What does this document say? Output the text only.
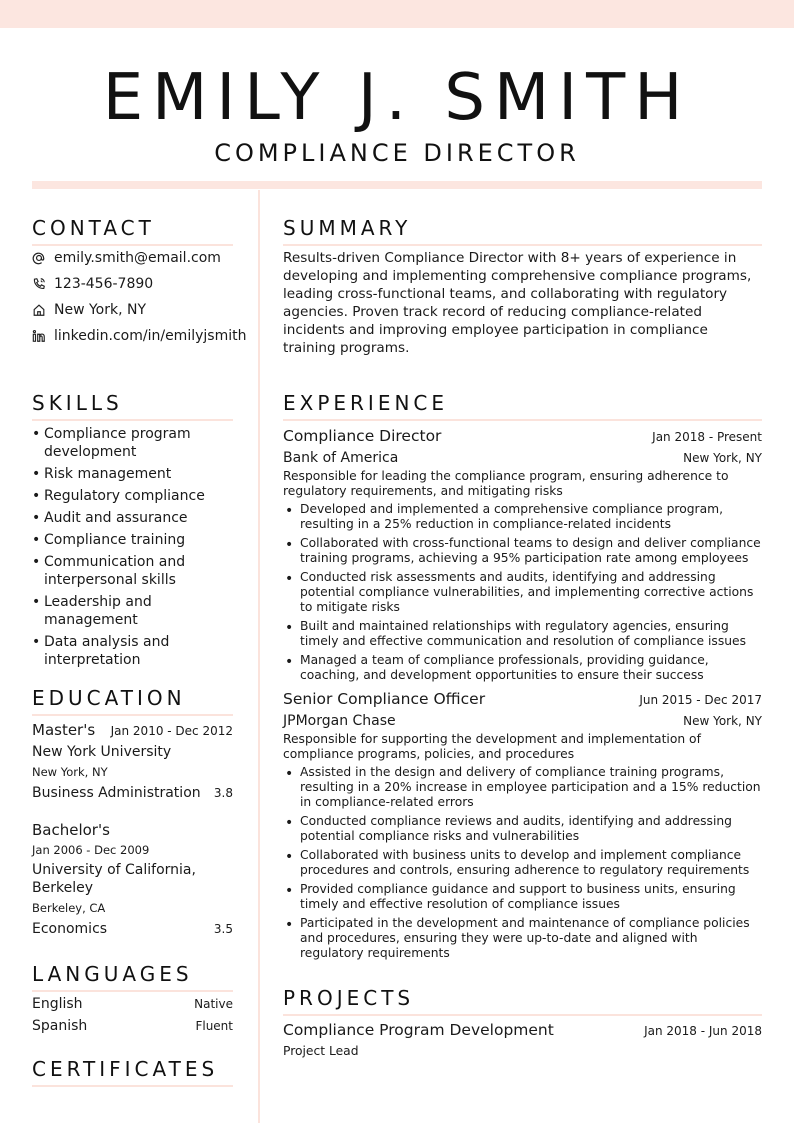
EMILY J. SMITH
COMPLIANCE DIRECTOR
CONTACT
emily.smith@email.com
123-456-7890
New York, NY
linkedin.com/in/emilyjsmith
SUMMARY

Results-driven Compliance Director with 8+ years of experience in developing and implementing comprehensive compliance programs, leading cross-functional teams, and collaborating with regulatory agencies. Proven track record of reducing compliance-related incidents and improving employee participation in compliance training programs.

SKILLS
• Compliance program development
• Risk management
• Regulatory compliance
• Audit and assurance
• Compliance training
• Communication and interpersonal skills
• Leadership and management
• Data analysis and interpretation
EDUCATION
Master's Jan 2010 - Dec 2012
New York University
New York, NY
Business Administration 3.8
Bachelor's
Jan 2006 - Dec 2009
University of California, Berkeley
Berkeley, CA
Economics	3.5
LANGUAGES
English	Native
Spanish	Fluent
CERTIFICATES
EXPERIENCE
Compliance Director	Jan 2018 - Present
Bank of America	New York, NY
Responsible for leading the compliance program, ensuring adherence to regulatory requirements, and mitigating risks
• Developed and implemented a comprehensive compliance program, resulting in a 25% reduction in compliance-related incidents
• Collaborated with cross-functional teams to design and deliver compliance training programs, achieving a 95% participation rate among employees
• Conducted risk assessments and audits, identifying and addressing potential compliance vulnerabilities, and implementing corrective actions to mitigate risks
• Built and maintained relationships with regulatory agencies, ensuring timely and effective communication and resolution of compliance issues
• Managed a team of compliance professionals, providing guidance, coaching, and development opportunities to ensure their success
Senior Compliance Officer	Jun 2015 - Dec 2017
JPMorgan Chase	New York, NY
Responsible for supporting the development and implementation of compliance programs, policies, and procedures
• Assisted in the design and delivery of compliance training programs, resulting in a 20% increase in employee participation and a 15% reduction in compliance-related errors
• Conducted compliance reviews and audits, identifying and addressing potential compliance risks and vulnerabilities
• Collaborated with business units to develop and implement compliance procedures and controls, ensuring adherence to regulatory requirements
• Provided compliance guidance and support to business units, ensuring timely and effective resolution of compliance issues
• Participated in the development and maintenance of compliance policies and procedures, ensuring they were up-to-date and aligned with regulatory requirements
PROJECTS
Compliance Program Development	Jan 2018 - Jun 2018
Project Lead
